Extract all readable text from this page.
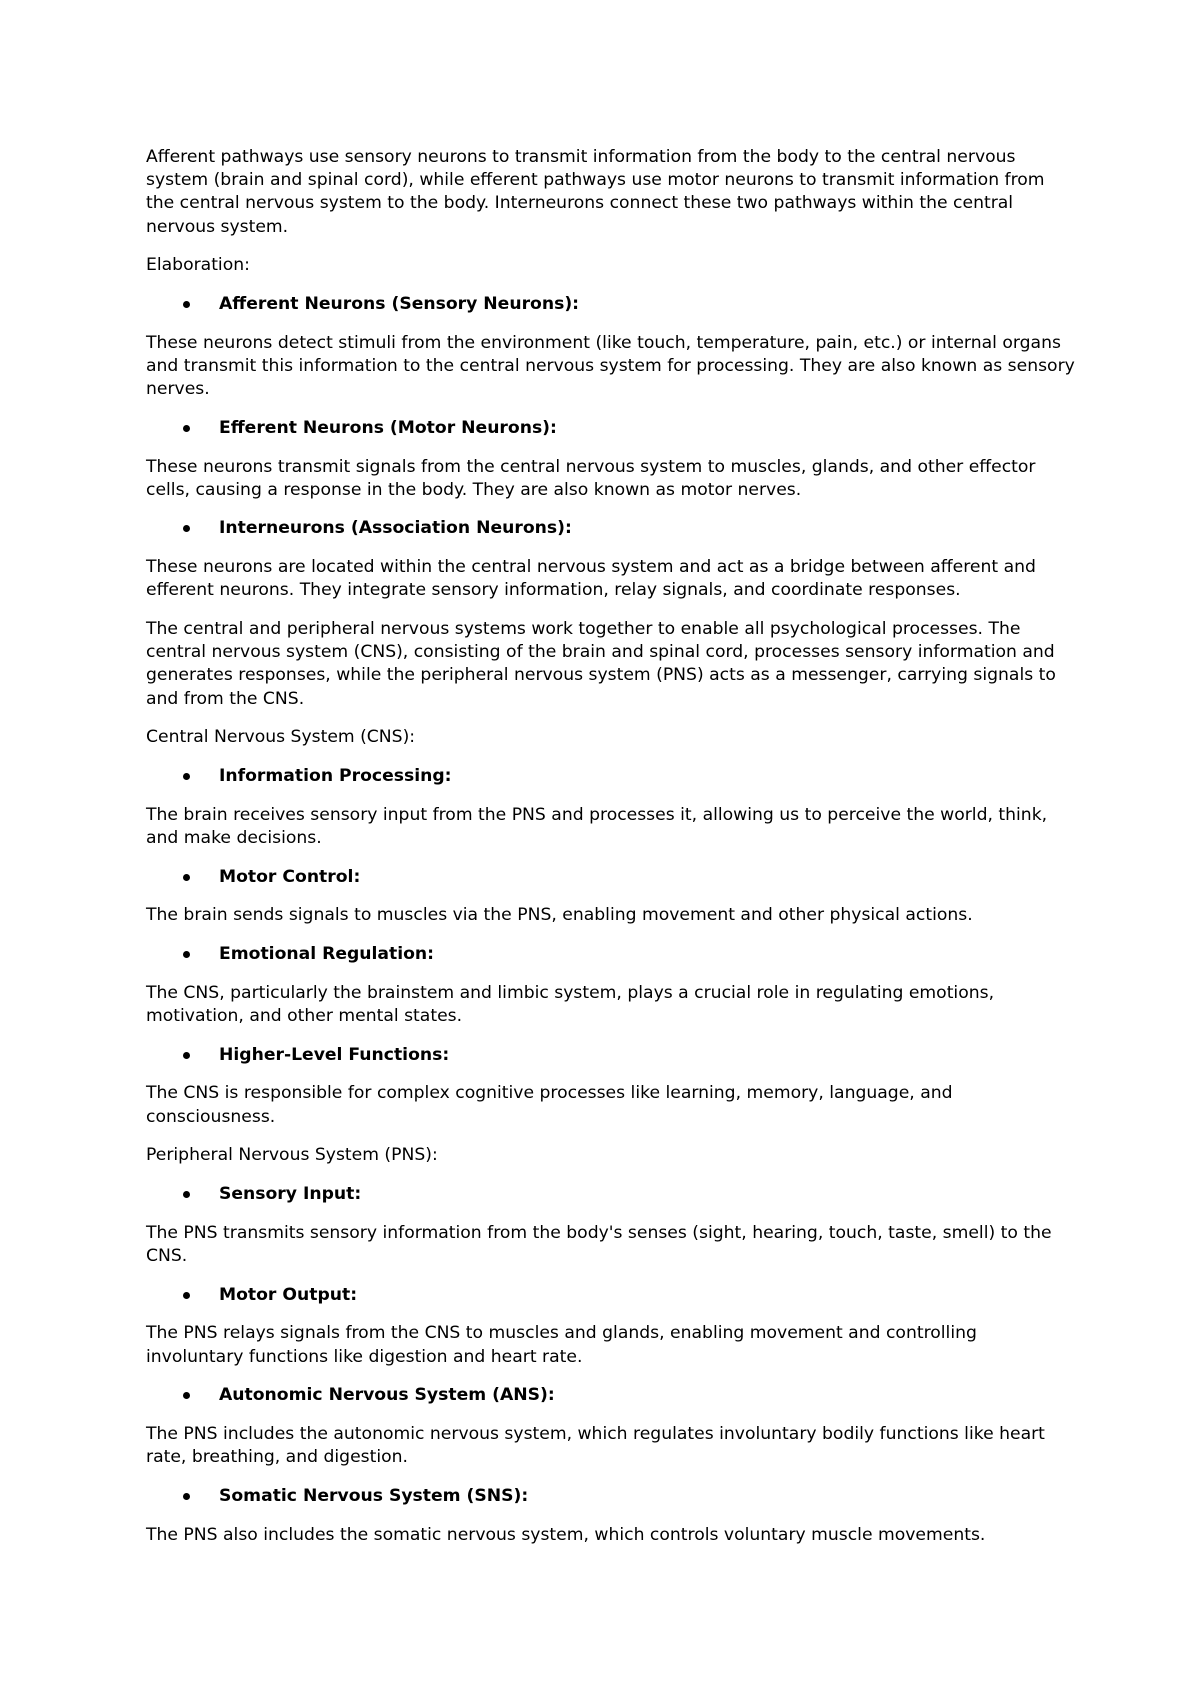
Afferent pathways use sensory neurons to transmit information from the body to the central nervous system (brain and spinal cord), while efferent pathways use motor neurons to transmit information from the central nervous system to the body. Interneurons connect these two pathways within the central nervous system.

Elaboration:

Afferent Neurons (Sensory Neurons):

These neurons detect stimuli from the environment (like touch, temperature, pain, etc.) or internal organs and transmit this information to the central nervous system for processing. They are also known as sensory nerves.

Efferent Neurons (Motor Neurons):

These neurons transmit signals from the central nervous system to muscles, glands, and other effector cells, causing a response in the body. They are also known as motor nerves.

Interneurons (Association Neurons):

These neurons are located within the central nervous system and act as a bridge between afferent and efferent neurons. They integrate sensory information, relay signals, and coordinate responses.

The central and peripheral nervous systems work together to enable all psychological processes. The central nervous system (CNS), consisting of the brain and spinal cord, processes sensory information and generates responses, while the peripheral nervous system (PNS) acts as a messenger, carrying signals to and from the CNS.

Central Nervous System (CNS):

Information Processing:

The brain receives sensory input from the PNS and processes it, allowing us to perceive the world, think, and make decisions.

Motor Control:

The brain sends signals to muscles via the PNS, enabling movement and other physical actions.

Emotional Regulation:

The CNS, particularly the brainstem and limbic system, plays a crucial role in regulating emotions, motivation, and other mental states.

Higher-Level Functions:

The CNS is responsible for complex cognitive processes like learning, memory, language, and consciousness.

Peripheral Nervous System (PNS):

Sensory Input:

The PNS transmits sensory information from the body's senses (sight, hearing, touch, taste, smell) to the CNS.

Motor Output:

The PNS relays signals from the CNS to muscles and glands, enabling movement and controlling involuntary functions like digestion and heart rate.

Autonomic Nervous System (ANS):

The PNS includes the autonomic nervous system, which regulates involuntary bodily functions like heart rate, breathing, and digestion.

Somatic Nervous System (SNS):

The PNS also includes the somatic nervous system, which controls voluntary muscle movements.
